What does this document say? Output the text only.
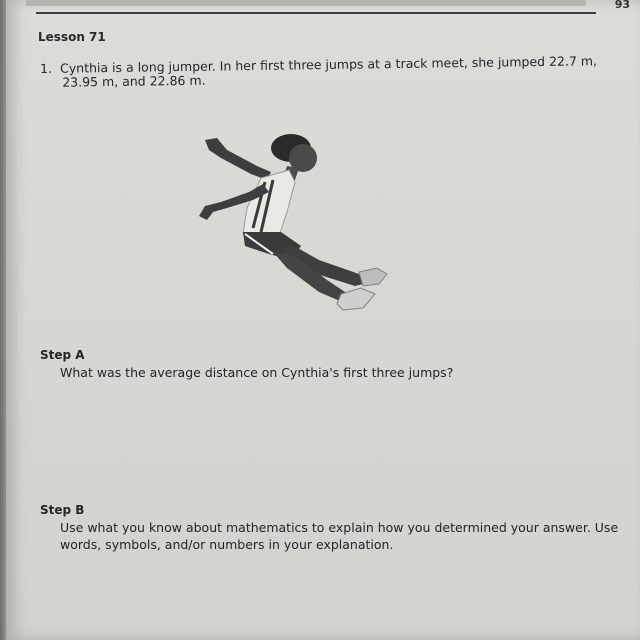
93
Lesson 71
1. Cynthia is a long jumper. In her first three jumps at a track meet, she jumped 22.7 m,
23.95 m, and 22.86 m.
Step A
What was the average distance on Cynthia's first three jumps?
Step B
Use what you know about mathematics to explain how you determined your answer. Use
words, symbols, and/or numbers in your explanation.
